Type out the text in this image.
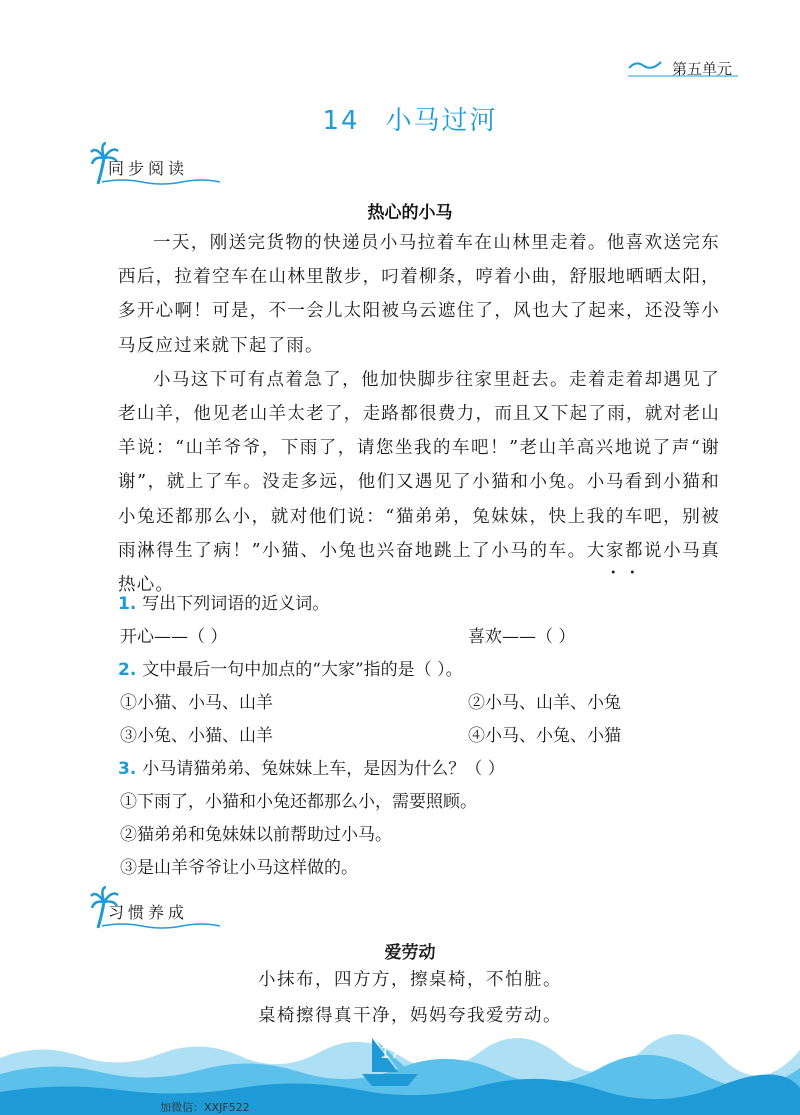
第五单元
14 小马过河
同步阅读
热心的小马

一天，刚送完货物的快递员小马拉着车在山林里走着。他喜欢送完东西后，拉着空车在山林里散步，叼着柳条，哼着小曲，舒服地晒晒太阳，多开心啊！可是，不一会儿太阳被乌云遮住了，风也大了起来，还没等小马反应过来就下起了雨。

小马这下可有点着急了，他加快脚步往家里赶去。走着走着却遇见了老山羊，他见老山羊太老了，走路都很费力，而且又下起了雨，就对老山羊说：“山羊爷爷，下雨了，请您坐我的车吧！”老山羊高兴地说了声“谢谢”，就上了车。没走多远，他们又遇见了小猫和小兔。小马看到小猫和小兔还都那么小，就对他们说：“猫弟弟，兔妹妹，快上我的车吧，别被雨淋得生了病！”小猫、小兔也兴奋地跳上了小马的车。大家都说小马真热心。

1. 写出下列词语的近义词。
开心——（ ）	喜欢——（ ）
2. 文中最后一句中加点的“大家”指的是（ ）。
①小猫、小马、山羊	②小马、山羊、小兔
③小兔、小猫、山羊	④小马、小兔、小猫
3. 小马请猫弟弟、兔妹妹上车，是因为什么？（ ）
①下雨了，小猫和小兔还都那么小，需要照顾。
②猫弟弟和兔妹妹以前帮助过小马。
③是山羊爷爷让小马这样做的。
习惯养成
爱劳动
小抹布，四方方，擦桌椅，不怕脏。
桌椅擦得真干净，妈妈夸我爱劳动。
17
加微信：XXJF522
